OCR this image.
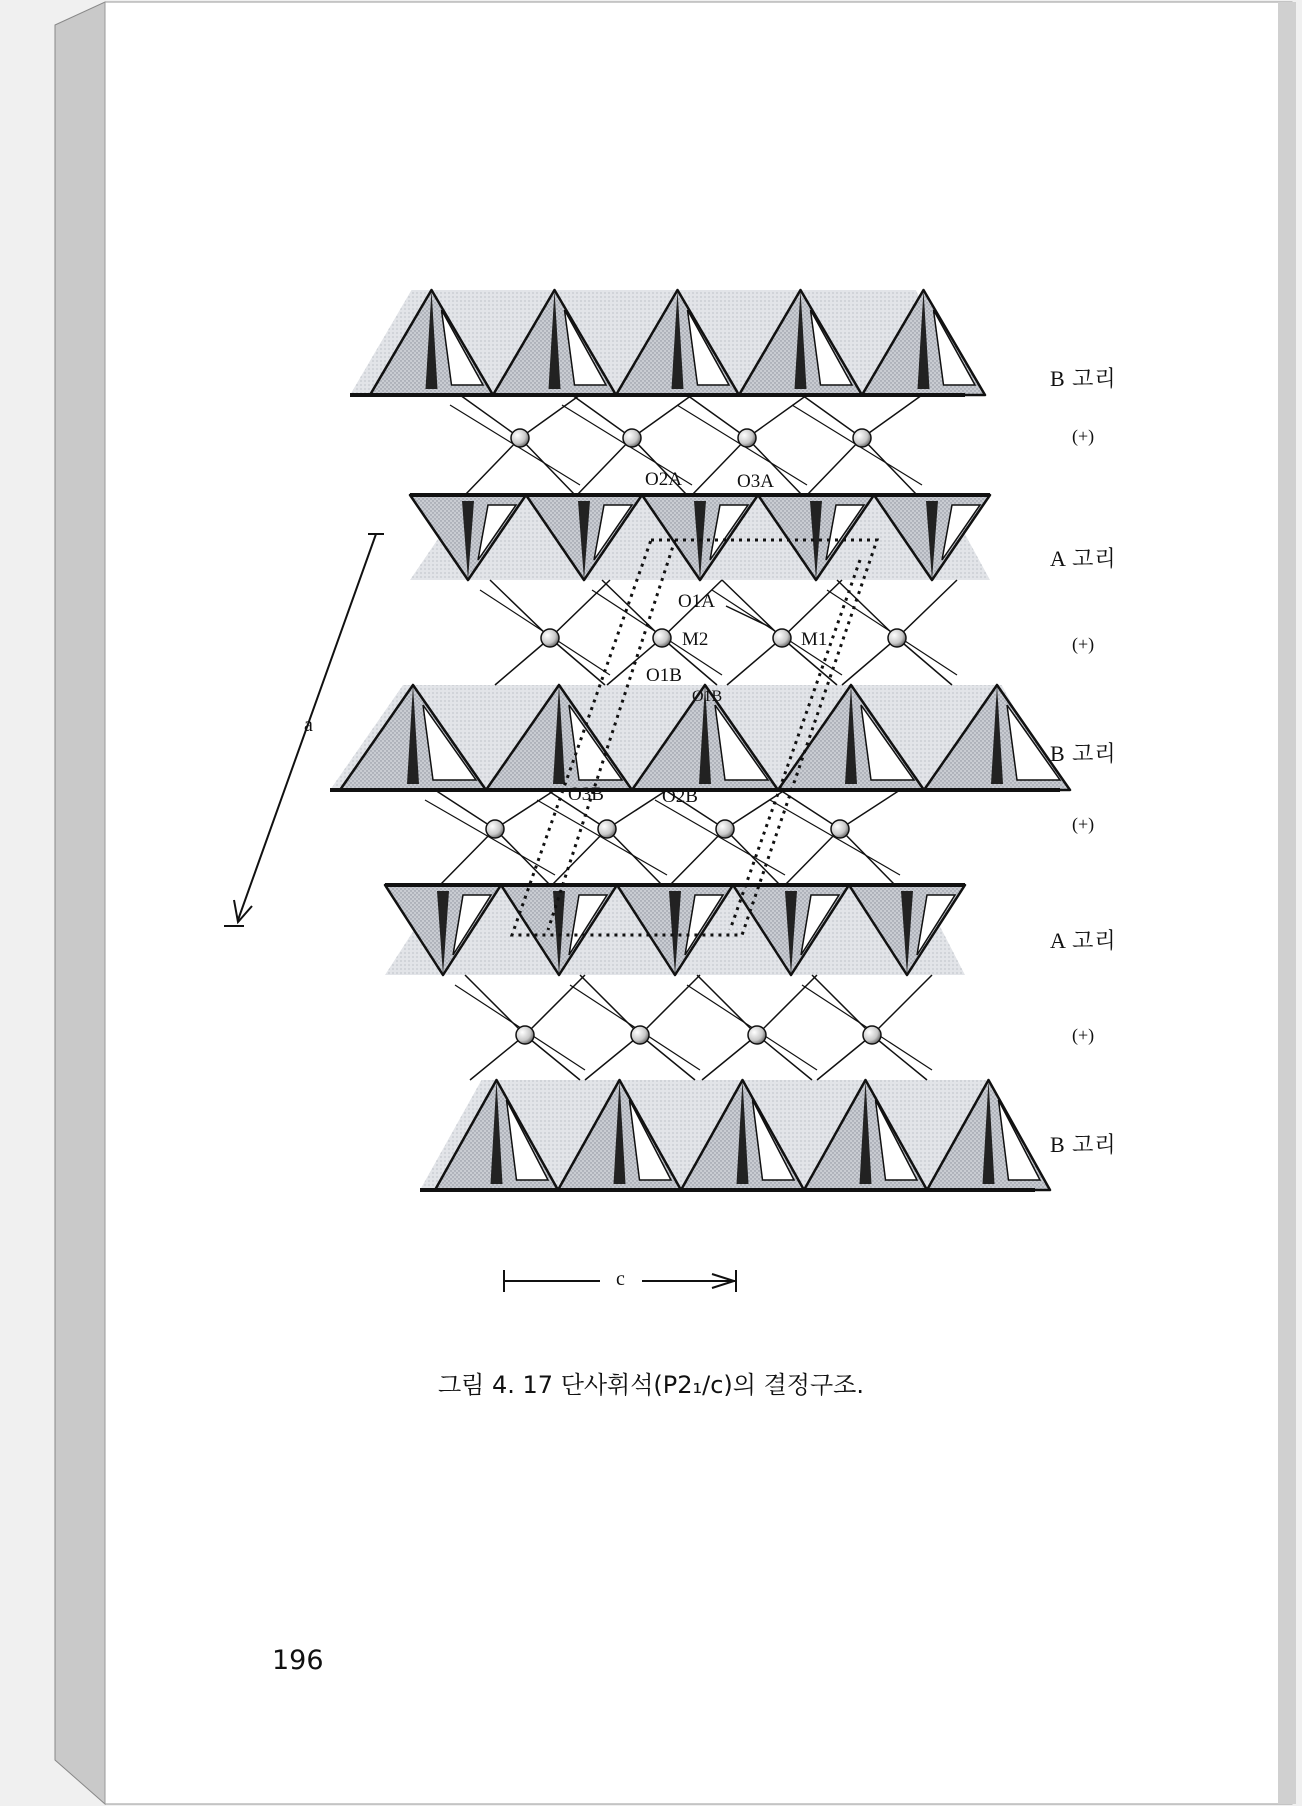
B 고리
(+)
A 고리
(+)
B 고리
(+)
A 고리
(+)
B 고리
O2A	O3A
O1A
M2	M1
O1B
O1B
O3B	O2B
a
c
그림 4. 17 단사휘석(P2₁/c)의 결정구조.
196
